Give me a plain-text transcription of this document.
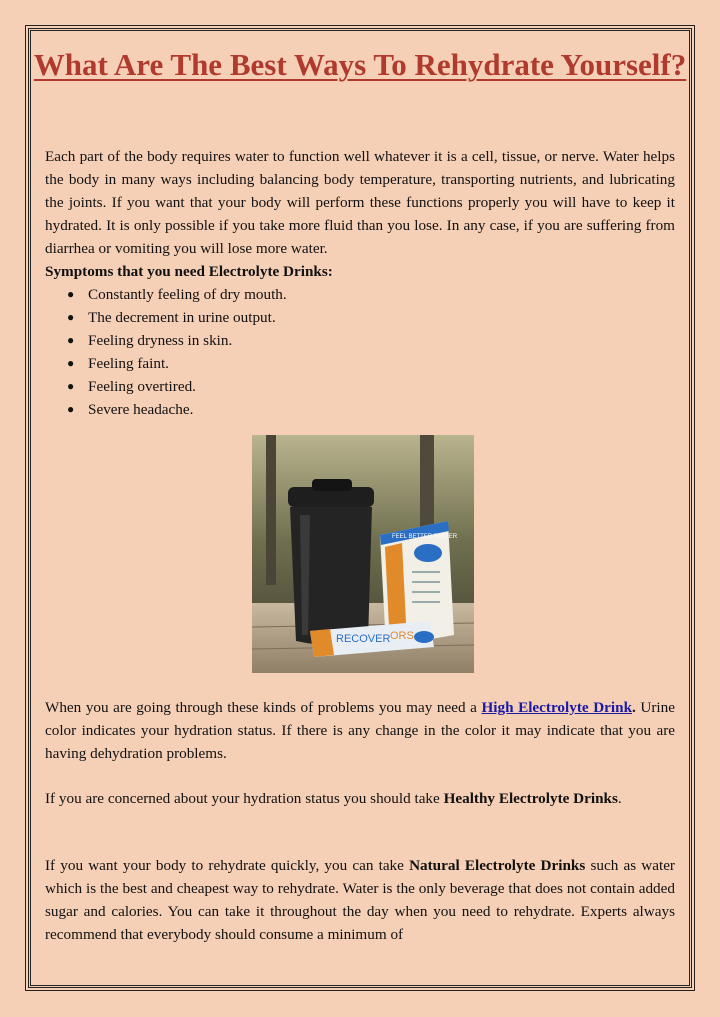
What Are The Best Ways To Rehydrate Yourself?

Each part of the body requires water to function well whatever it is a cell, tissue, or nerve. Water helps the body in many ways including balancing body temperature, transporting nutrients, and lubricating the joints. If you want that your body will perform these functions properly you will have to keep it hydrated. It is only possible if you take more fluid than you lose. In any case, if you are suffering from diarrhea or vomiting you will lose more water.

Symptoms that you need Electrolyte Drinks:

● Constantly feeling of dry mouth.
● The decrement in urine output.
● Feeling dryness in skin.
● Feeling faint.
● Feeling overtired.
● Severe headache.
FEEL BETTER FASTER
RECOVER ORS
When you are going through these kinds of problems you may need a High Electrolyte Drink. Urine color indicates your hydration status. If there is any change in the color it may indicate that you are having dehydration problems.
If you are concerned about your hydration status you should take Healthy Electrolyte Drinks.
If you want your body to rehydrate quickly, you can take Natural Electrolyte Drinks such as water which is the best and cheapest way to rehydrate. Water is the only beverage that does not contain added sugar and calories. You can take it throughout the day when you need to rehydrate. Experts always recommend that everybody should consume a minimum of
